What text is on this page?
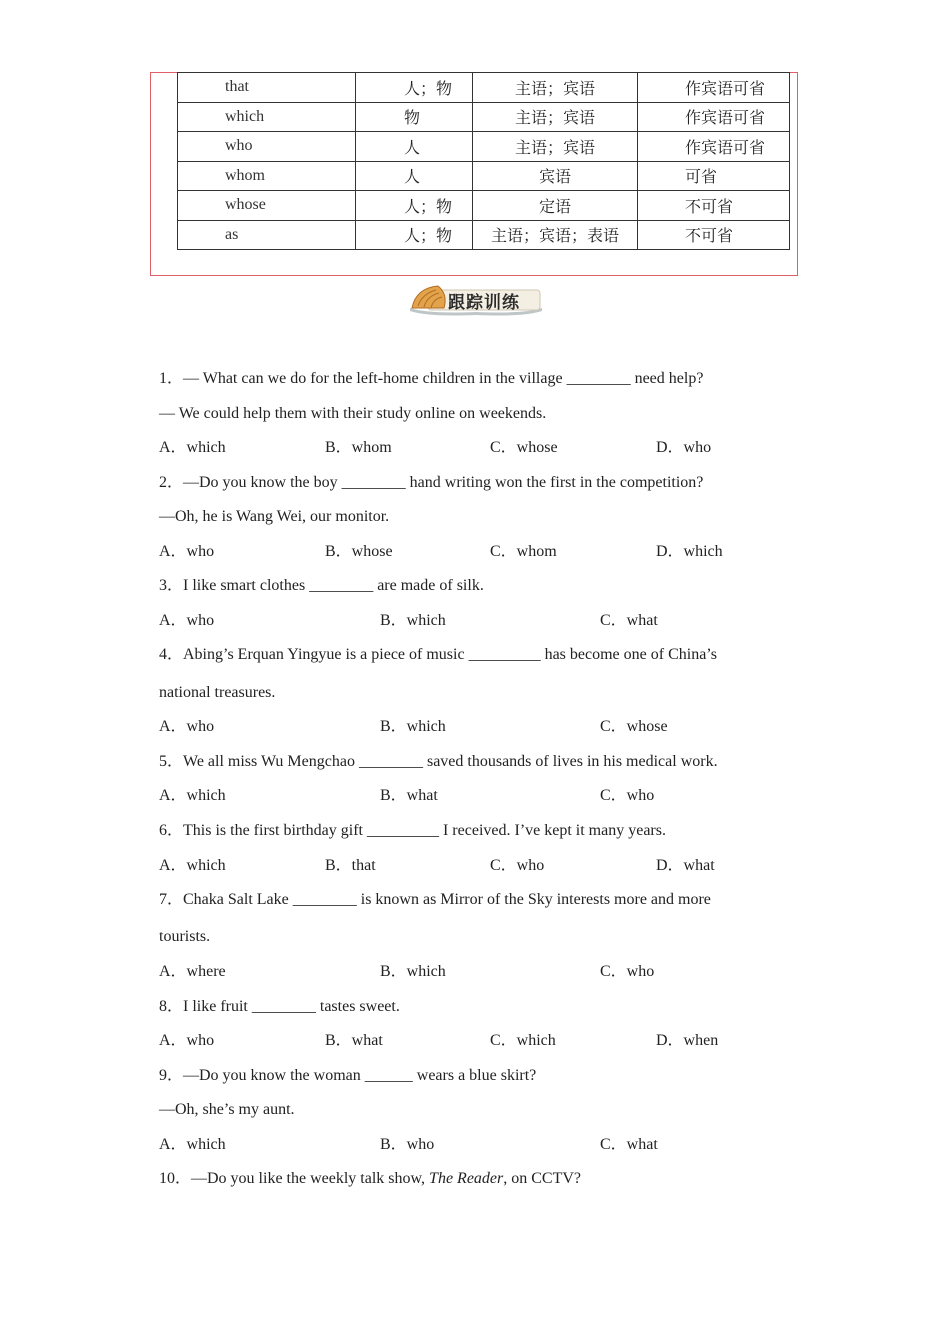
that	人；物	主语；宾语	作宾语可省
which	物	主语；宾语	作宾语可省
who	人	主语；宾语	作宾语可省
whom	人	宾语	可省
whose	人；物	定语	不可省
as	人；物	主语；宾语；表语	不可省
跟踪训练
1．— What can we do for the left-home children in the village ________ need help?
— We could help them with their study online on weekends.
A．which	B．whom	C．whose	D．who
2．—Do you know the boy ________ hand writing won the first in the competition?
—Oh, he is Wang Wei, our monitor.
A．who	B．whose	C．whom	D．which
3．I like smart clothes ________ are made of silk.
A．who	B．which	C．what
4．Abing’s Erquan Yingyue is a piece of music _________ has become one of China’s
national treasures.
A．who	B．which	C．whose
5．We all miss Wu Mengchao ________ saved thousands of lives in his medical work.
A．which	B．what	C．who
6．This is the first birthday gift _________ I received. I’ve kept it many years.
A．which	B．that	C．who	D．what
7．Chaka Salt Lake ________ is known as Mirror of the Sky interests more and more
tourists.
A．where	B．which	C．who
8．I like fruit ________ tastes sweet.
A．who	B．what	C．which	D．when
9．—Do you know the woman ______ wears a blue skirt?
—Oh, she’s my aunt.
A．which	B．who	C．what
10．—Do you like the weekly talk show, The Reader, on CCTV?
